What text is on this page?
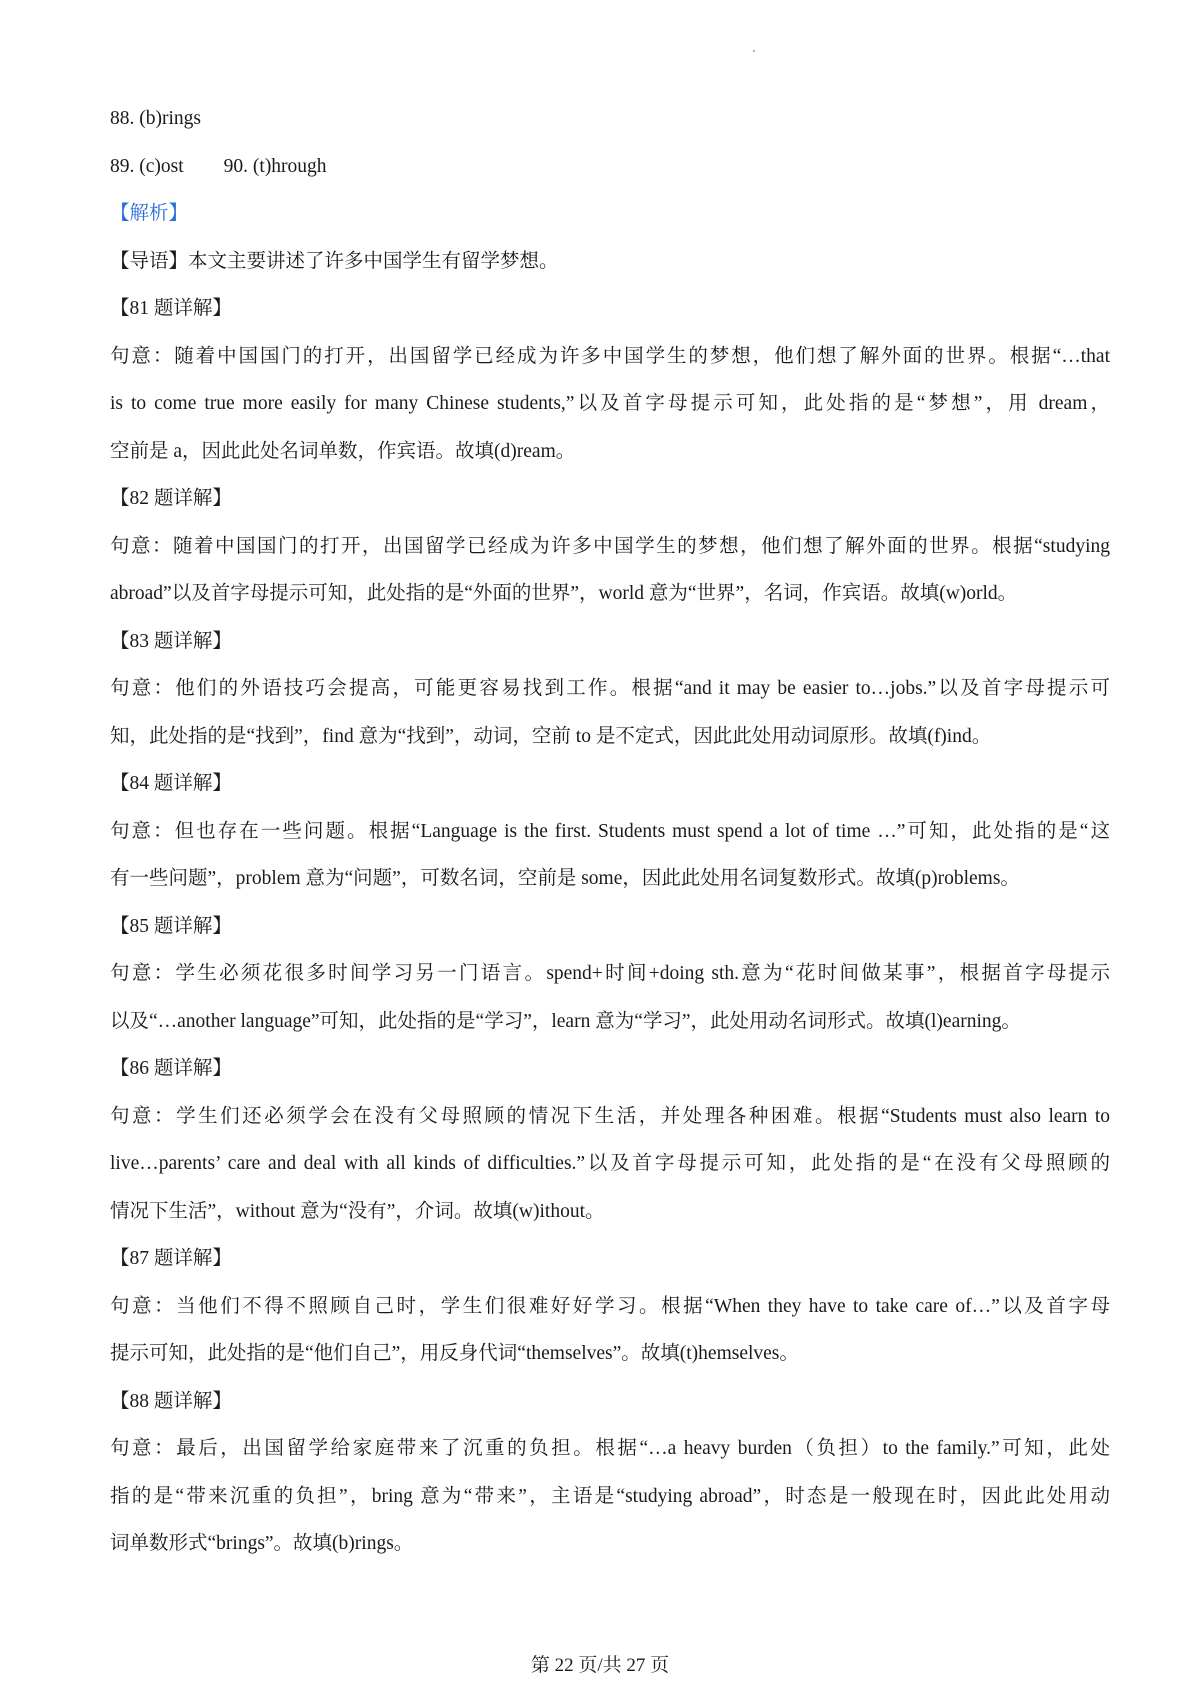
88. (b)rings

89. (c)ost 90. (t)hrough

【解析】

【导语】本文主要讲述了许多中国学生有留学梦想。

【81 题详解】

句意：随着中国国门的打开，出国留学已经成为许多中国学生的梦想，他们想了解外面的世界。根据“…that

is to come true more easily for many Chinese students,”以及首字母提示可知，此处指的是“梦想”，用 dream，

空前是 a，因此此处名词单数，作宾语。故填(d)ream。

【82 题详解】

句意：随着中国国门的打开，出国留学已经成为许多中国学生的梦想，他们想了解外面的世界。根据“studying

abroad”以及首字母提示可知，此处指的是“外面的世界”，world 意为“世界”，名词，作宾语。故填(w)orld。

【83 题详解】

句意：他们的外语技巧会提高，可能更容易找到工作。根据“and it may be easier to…jobs.”以及首字母提示可

知，此处指的是“找到”，find 意为“找到”，动词，空前 to 是不定式，因此此处用动词原形。故填(f)ind。

【84 题详解】

句意：但也存在一些问题。根据“Language is the first. Students must spend a lot of time …”可知，此处指的是“这

有一些问题”，problem 意为“问题”，可数名词，空前是 some，因此此处用名词复数形式。故填(p)roblems。

【85 题详解】

句意：学生必须花很多时间学习另一门语言。spend+时间+doing sth.意为“花时间做某事”，根据首字母提示

以及“…another language”可知，此处指的是“学习”，learn 意为“学习”，此处用动名词形式。故填(l)earning。

【86 题详解】

句意：学生们还必须学会在没有父母照顾的情况下生活，并处理各种困难。根据“Students must also learn to

live…parents’ care and deal with all kinds of difficulties.”以及首字母提示可知，此处指的是“在没有父母照顾的

情况下生活”，without 意为“没有”，介词。故填(w)ithout。

【87 题详解】

句意：当他们不得不照顾自己时，学生们很难好好学习。根据“When they have to take care of…”以及首字母

提示可知，此处指的是“他们自己”，用反身代词“themselves”。故填(t)hemselves。

【88 题详解】

句意：最后，出国留学给家庭带来了沉重的负担。根据“…a heavy burden（负担）to the family.”可知，此处

指的是“带来沉重的负担”，bring 意为“带来”，主语是“studying abroad”，时态是一般现在时，因此此处用动

词单数形式“brings”。故填(b)rings。

第 22 页/共 27 页
